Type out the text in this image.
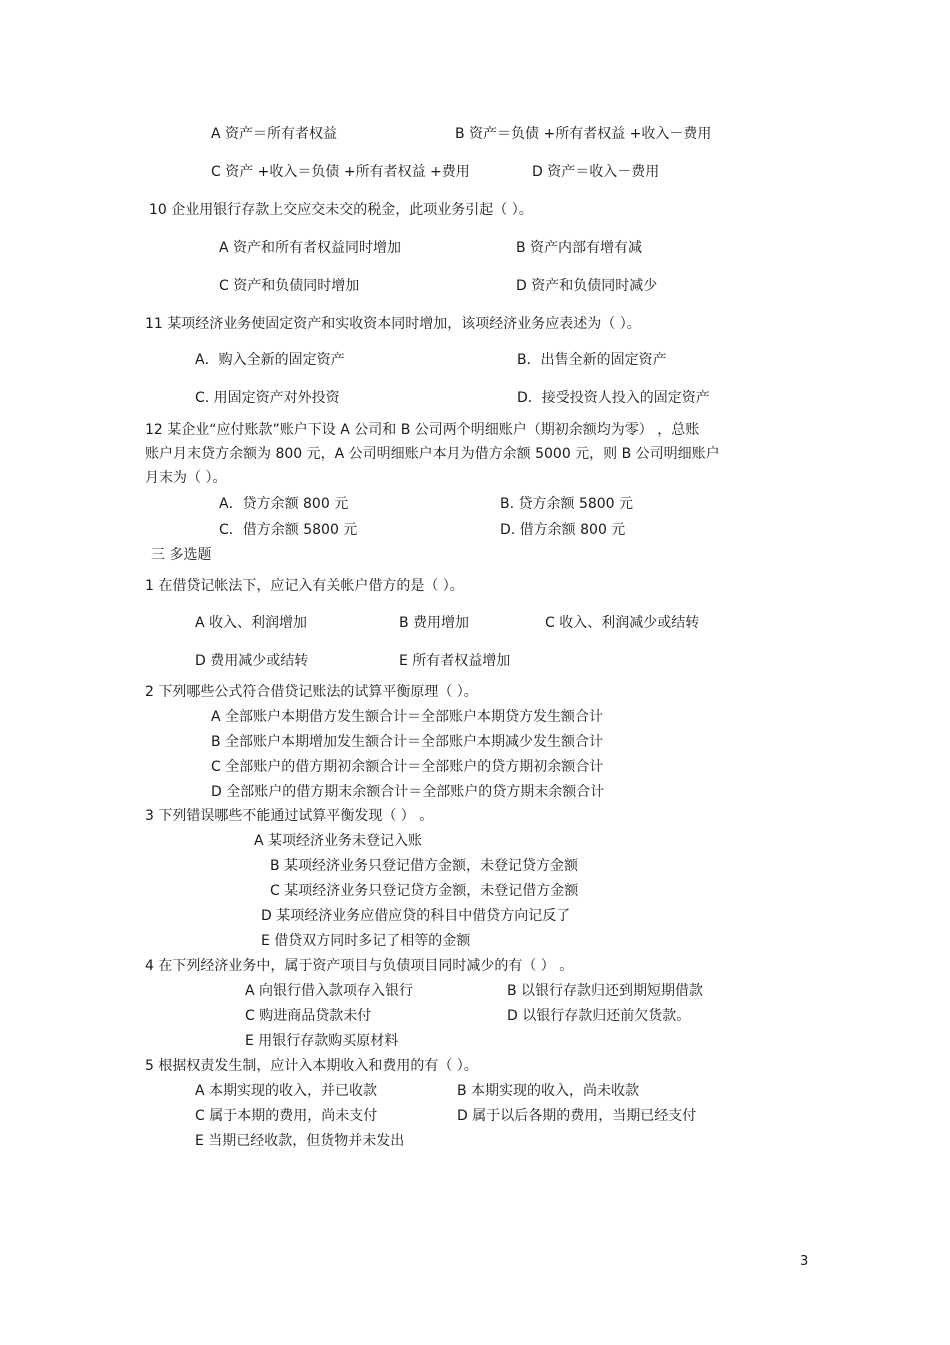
A 资产＝所有者权益	B 资产＝负债 +所有者权益 +收入－费用
C 资产 +收入＝负债 +所有者权益 +费用	D 资产＝收入－费用
10 企业用银行存款上交应交未交的税金，此项业务引起（ ）。
A 资产和所有者权益同时增加	B 资产内部有增有减
C 资产和负债同时增加	D 资产和负债同时减少
11 某项经济业务使固定资产和实收资本同时增加，该项经济业务应表述为（ ）。
A．购入全新的固定资产	B．出售全新的固定资产
C. 用固定资产对外投资	D．接受投资人投入的固定资产
12 某企业“应付账款”账户下设 A 公司和 B 公司两个明细账户（期初余额均为零） ，总账
账户月末贷方余额为 800 元，A 公司明细账户本月为借方余额 5000 元，则 B 公司明细账户
月末为（ ）。
A．贷方余额 800 元	B. 贷方余额 5800 元
C．借方余额 5800 元	D. 借方余额 800 元
三 多选题
1 在借贷记帐法下，应记入有关帐户借方的是（ ）。
A 收入、利润增加	B 费用增加	C 收入、利润减少或结转
D 费用减少或结转	E 所有者权益增加
2 下列哪些公式符合借贷记账法的试算平衡原理（ ）。
A 全部账户本期借方发生额合计＝全部账户本期贷方发生额合计
B 全部账户本期增加发生额合计＝全部账户本期减少发生额合计
C 全部账户的借方期初余额合计＝全部账户的贷方期初余额合计
D 全部账户的借方期末余额合计＝全部账户的贷方期末余额合计
3 下列错误哪些不能通过试算平衡发现（ ） 。
A 某项经济业务未登记入账
B 某项经济业务只登记借方金额，未登记贷方金额
C 某项经济业务只登记贷方金额，未登记借方金额
D 某项经济业务应借应贷的科目中借贷方向记反了
E 借贷双方同时多记了相等的金额
4 在下列经济业务中，属于资产项目与负债项目同时减少的有（ ） 。
A 向银行借入款项存入银行	B 以银行存款归还到期短期借款
C 购进商品贷款未付	D 以银行存款归还前欠货款。
E 用银行存款购买原材料
5 根据权责发生制，应计入本期收入和费用的有（ ）。
A 本期实现的收入，并已收款	B 本期实现的收入，尚未收款
C 属于本期的费用，尚未支付	D 属于以后各期的费用，当期已经支付
E 当期已经收款，但货物并未发出
3
